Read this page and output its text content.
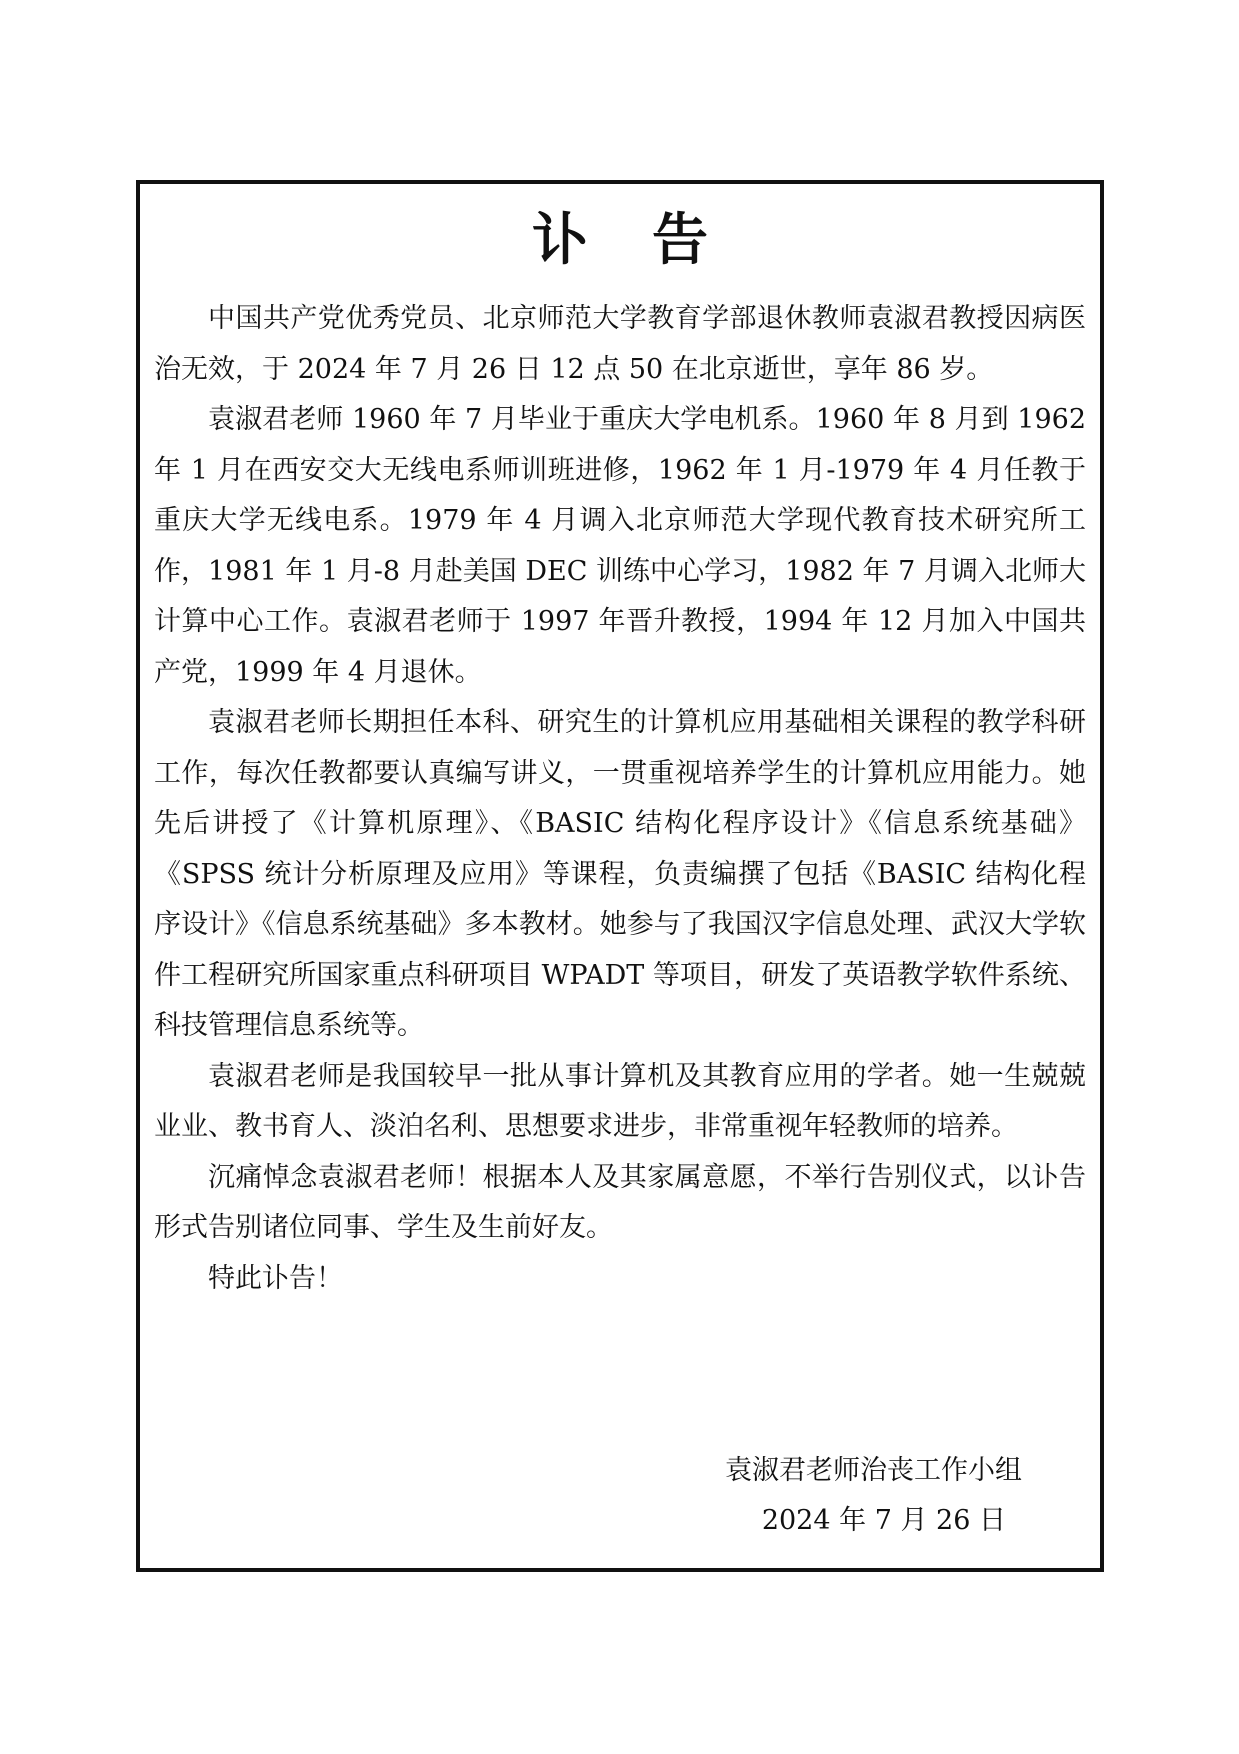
讣告

中国共产党优秀党员、北京师范大学教育学部退休教师袁淑君教授因病医治无效，于 2024 年 7 月 26 日 12 点 50 在北京逝世，享年 86 岁。

袁淑君老师 1960 年 7 月毕业于重庆大学电机系。1960 年 8 月到 1962 年 1 月在西安交大无线电系师训班进修，1962 年 1 月-1979 年 4 月任教于重庆大学无线电系。1979 年 4 月调入北京师范大学现代教育技术研究所工作，1981 年 1 月-8 月赴美国 DEC 训练中心学习，1982 年 7 月调入北师大计算中心工作。袁淑君老师于 1997 年晋升教授，1994 年 12 月加入中国共产党，1999 年 4 月退休。

袁淑君老师长期担任本科、研究生的计算机应用基础相关课程的教学科研工作，每次任教都要认真编写讲义，一贯重视培养学生的计算机应用能力。她先后讲授了《计算机原理》、《BASIC 结构化程序设计》《信息系统基础》《SPSS 统计分析原理及应用》等课程，负责编撰了包括《BASIC 结构化程序设计》《信息系统基础》多本教材。她参与了我国汉字信息处理、武汉大学软件工程研究所国家重点科研项目 WPADT 等项目，研发了英语教学软件系统、科技管理信息系统等。

袁淑君老师是我国较早一批从事计算机及其教育应用的学者。她一生兢兢业业、教书育人、淡泊名利、思想要求进步，非常重视年轻教师的培养。

沉痛悼念袁淑君老师！根据本人及其家属意愿，不举行告别仪式，以讣告形式告别诸位同事、学生及生前好友。

特此讣告！

袁淑君老师治丧工作小组
2024 年 7 月 26 日
